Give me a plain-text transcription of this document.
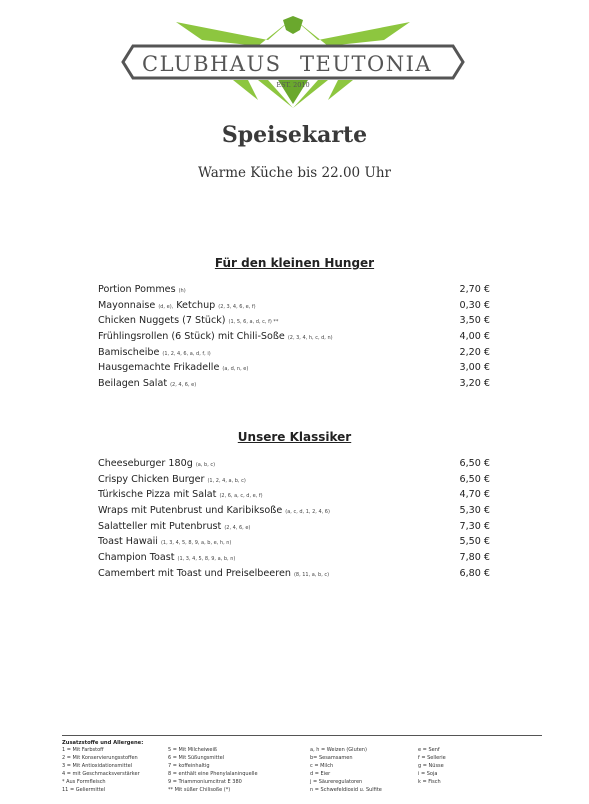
CLUBHAUS TEUTONIA
EST. 2010
Speisekarte
Warme Küche bis 22.00 Uhr
Für den kleinen Hunger
Portion Pommes (h)	2,70 €
Mayonnaise (d, e), Ketchup (2, 3, 4, 6, e, f)	0,30 €
Chicken Nuggets (7 Stück) (1, 5, 6, a, d, c, f) **	3,50 €
Frühlingsrollen (6 Stück) mit Chili-Soße (2, 3, 4, h, c, d, n)	4,00 €
Bamischeibe (1, 2, 4, 6, a, d, f, i)	2,20 €
Hausgemachte Frikadelle (a, d, n, e)	3,00 €
Beilagen Salat (2, 4, 6, e)	3,20 €
Unsere Klassiker
Cheeseburger 180g (a, b, c)	6,50 €
Crispy Chicken Burger (1, 2, 4, a, b, c)	6,50 €
Türkische Pizza mit Salat (2, 6, a, c, d, e, f)	4,70 €
Wraps mit Putenbrust und Karibiksoße (a, c, d, 1, 2, 4, 6)	5,30 €
Salatteller mit Putenbrust (2, 4, 6, e)	7,30 €
Toast Hawaii (1, 3, 4, 5, 8, 9, a, b, e, h, n)	5,50 €
Champion Toast (1, 3, 4, 5, 8, 9, a, b, n)	7,80 €
Camembert mit Toast und Preiselbeeren (8, 11, a, b, c)	6,80 €
Zusatzstoffe und Allergene:
1 = Mit Farbstoff
2 = Mit Konservierungsstoffen
3 = Mit Antioxidationsmittel
4 = mit Geschmacksverstärker
* Aus Formfleisch
11 = Geliermittel
5 = Mit Milcheiweiß
6 = Mit Süßungsmittel
7 = koffeinhaltig
8 = enthält eine Phenylalaninquelle
9 = Triammoniumcitrat E 380
** Mit süßer Chilisoße (*)
a, h = Weizen (Gluten)
b= Sesamsamen
c = Milch
d = Eier
j = Säureregulatoren
n = Schwefeldioxid u. Sulfite
e = Senf
f = Sellerie
g = Nüsse
i = Soja
k = Fisch
